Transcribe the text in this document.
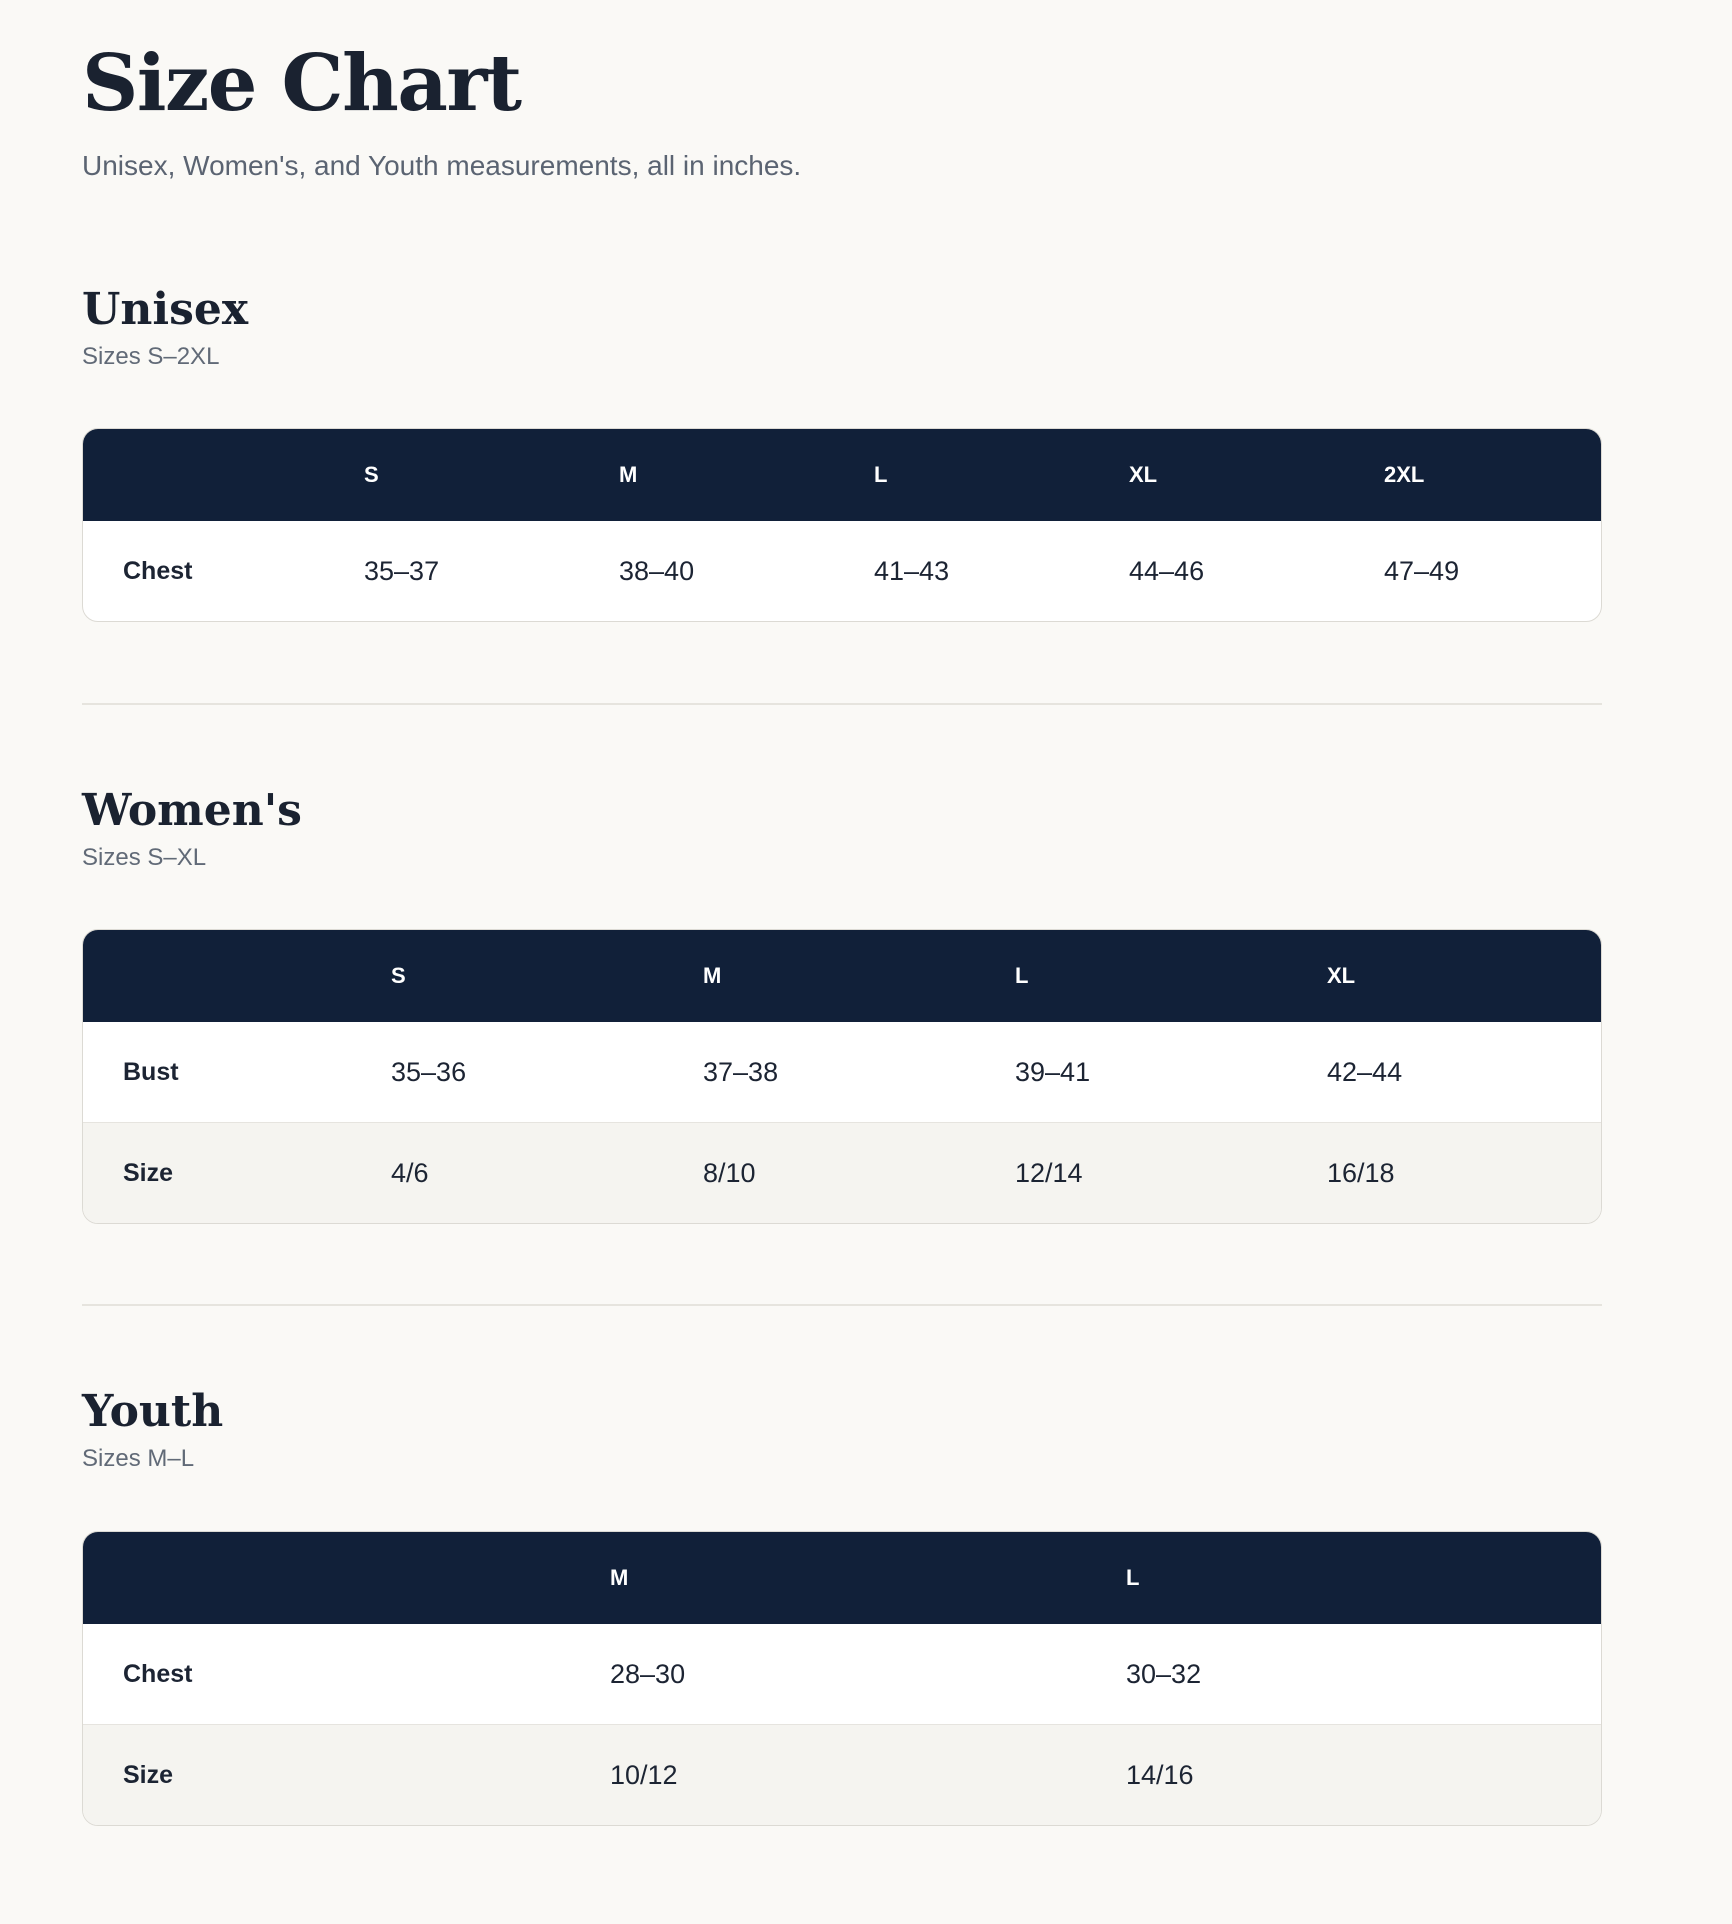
Size Chart
Unisex, Women's, and Youth measurements, all in inches.
Unisex
Sizes S–2XL
	S	M	L	XL	2XL
Chest	35–37	38–40	41–43	44–46	47–49
Women's
Sizes S–XL
	S	M	L	XL
Bust	35–36	37–38	39–41	42–44
Size	4/6	8/10	12/14	16/18
Youth
Sizes M–L
	M	L
Chest	28–30	30–32
Size	10/12	14/16
